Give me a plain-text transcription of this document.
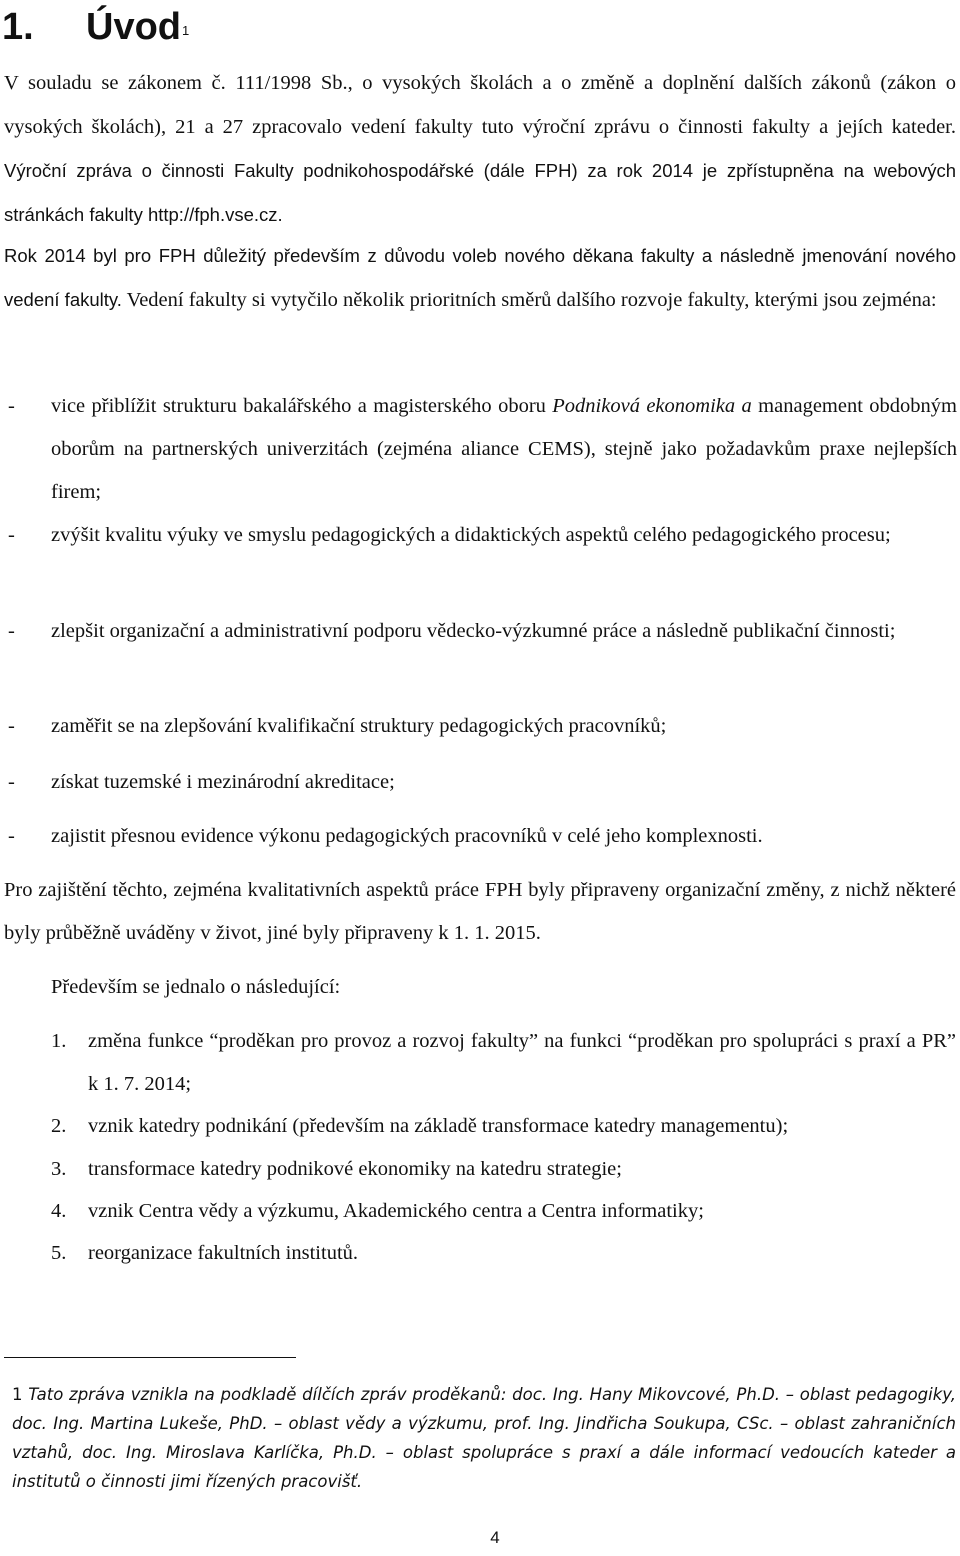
1. Úvod$^1$

V souladu se zákonem č. 111/1998 Sb., o vysokých školách a o změně a doplnění dalších zákonů (zákon o vysokých školách), 21 a 27 zpracovalo vedení fakulty tuto výroční zprávu o činnosti fakulty a jejích kateder. Výroční zpráva o činnosti Fakulty podnikohospodářské (dále FPH) za rok 2014 je zpřístupněna na webových stránkách fakulty http://fph.vse.cz.

Rok 2014 byl pro FPH důležitý především z důvodu voleb nového děkana fakulty a následně jmenování nového vedení fakulty. Vedení fakulty si vytyčilo několik prioritních směrů dalšího rozvoje fakulty, kterými jsou zejména:

- vice přiblížit strukturu bakalářského a magisterského oboru Podniková ekonomika a management obdobným oborům na partnerských univerzitách (zejména aliance CEMS), stejně jako požadavkům praxe nejlepších firem;
- zvýšit kvalitu výuky ve smyslu pedagogických a didaktických aspektů celého pedagogického procesu;
- zlepšit organizační a administrativní podporu vědecko-výzkumné práce a následně publikační činnosti;
- zaměřit se na zlepšování kvalifikační struktury pedagogických pracovníků;
- získat tuzemské i mezinárodní akreditace;
- zajistit přesnou evidence výkonu pedagogických pracovníků v celé jeho komplexnosti.

Pro zajištění těchto, zejména kvalitativních aspektů práce FPH byly připraveny organizační změny, z nichž některé byly průběžně uváděny v život, jiné byly připraveny k 1. 1. 2015.

Především se jednalo o následující:
1. změna funkce “proděkan pro provoz a rozvoj fakulty” na funkci “proděkan pro spolupráci s praxí a PR” k 1. 7. 2014;
2. vznik katedry podnikání (především na základě transformace katedry managementu);
3. transformace katedry podnikové ekonomiky na katedru strategie;
4. vznik Centra vědy a výzkumu, Akademického centra a Centra informatiky;
5. reorganizace fakultních institutů.
1 Tato zpráva vznikla na podkladě dílčích zpráv proděkanů: doc. Ing. Hany Mikovcové, Ph.D. – oblast pedagogiky, doc. Ing. Martina Lukeše, PhD. – oblast vědy a výzkumu, prof. Ing. Jindřicha Soukupa, CSc. – oblast zahraničních vztahů, doc. Ing. Miroslava Karlíčka, Ph.D. – oblast spolupráce s praxí a dále informací vedoucích kateder a institutů o činnosti jimi řízených pracovišť.
4
